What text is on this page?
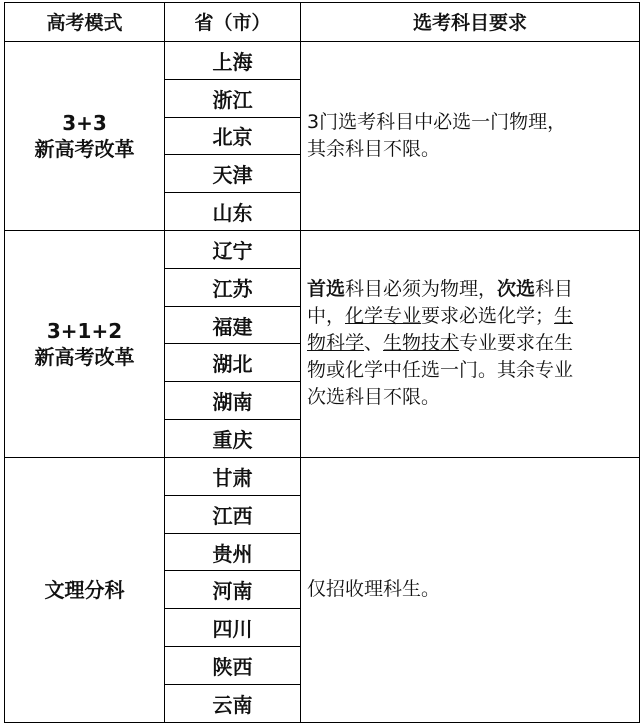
高考模式	省（市）	选考科目要求

3+3
新高考改革	上海	3门选考科目中必选一门物理，
其余科目不限。

	浙江	
	北京	
	天津	
	山东	

3+1+2
新高考改革	辽宁	首选科目必须为物理，次选科目
中，化学专业要求必选化学；生
物科学、生物技术专业要求在生
物或化学中任选一门。其余专业
次选科目不限。

	江苏	
	福建	
	湖北	
	湖南	
	重庆	

文理分科	甘肃	仅招收理科生。

	江西	
	贵州	
	河南	
	四川	
	陕西	
	云南	
